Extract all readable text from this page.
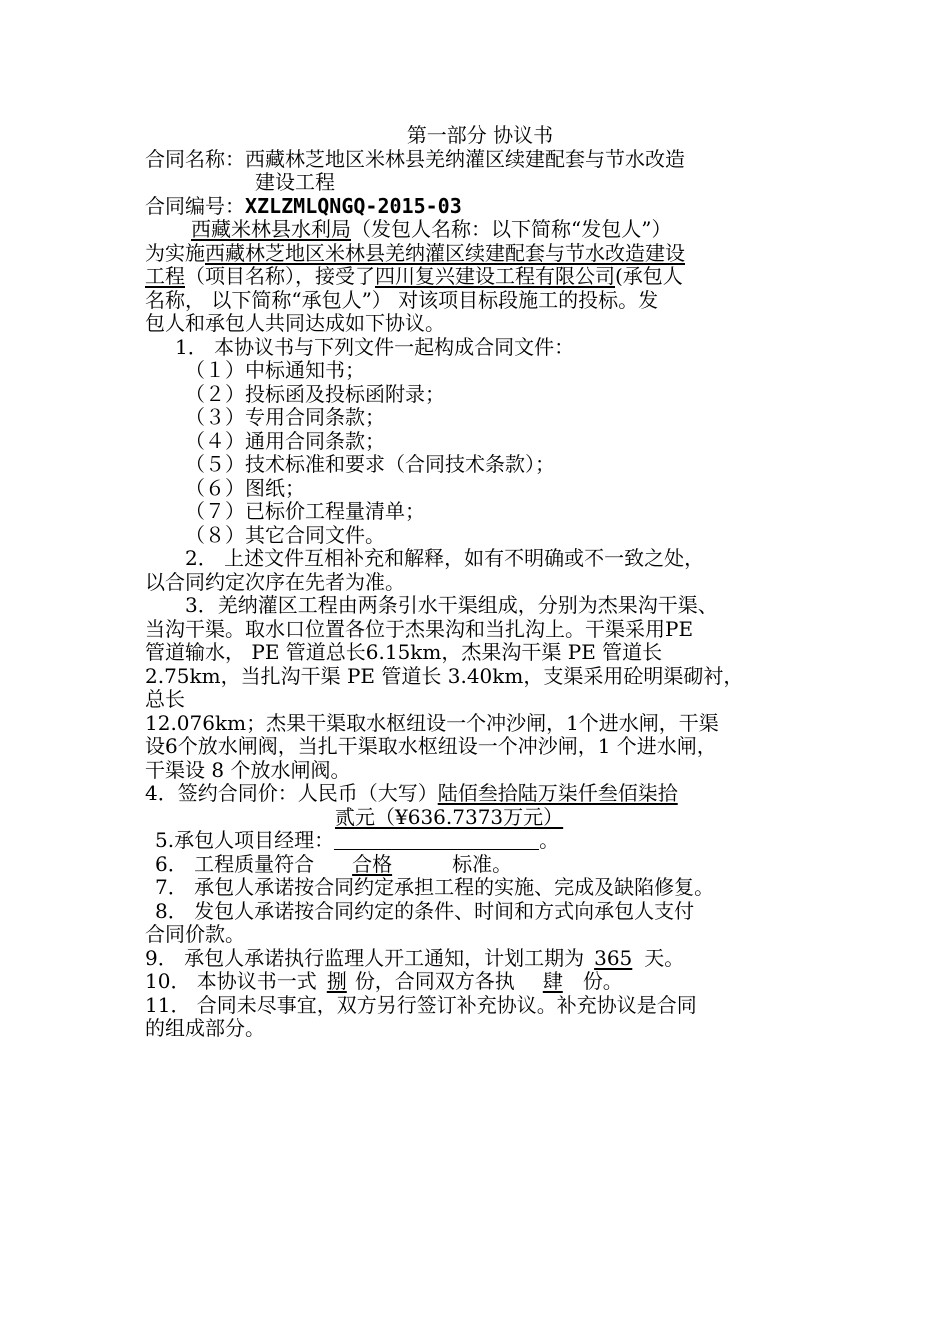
第一部分 协议书
合同名称：西藏林芝地区米林县羌纳灌区续建配套与节水改造
建设工程
合同编号：XZLZMLQNGQ-2015-03
西藏米林县水利局（发包人名称：以下简称“发包人”）
为实施西藏林芝地区米林县羌纳灌区续建配套与节水改造建设
工程（项目名称），接受了四川复兴建设工程有限公司(承包人
名称， 以下简称“承包人”） 对该项目标段施工的投标。发
包人和承包人共同达成如下协议。
1． 本协议书与下列文件一起构成合同文件：
（１）中标通知书；
（２）投标函及投标函附录；
（３）专用合同条款；
（４）通用合同条款；
（５）技术标准和要求（合同技术条款）；
（６）图纸；
（７）已标价工程量清单；
（８）其它合同文件。
2． 上述文件互相补充和解释，如有不明确或不一致之处，
以合同约定次序在先者为准。
3．羌纳灌区工程由两条引水干渠组成，分别为杰果沟干渠、
当沟干渠。取水口位置各位于杰果沟和当扎沟上。干渠采用PE
管道输水， PE 管道总长6.15km，杰果沟干渠 PE 管道长
2.75km，当扎沟干渠 PE 管道长 3.40km，支渠采用砼明渠砌衬，
总长
12.076km；杰果干渠取水枢纽设一个冲沙闸，1个进水闸，干渠
设6个放水闸阀，当扎干渠取水枢纽设一个冲沙闸，1 个进水闸，
干渠设 8 个放水闸阀。
4．签约合同价：人民币（大写）陆佰叁拾陆万柒仟叁佰柒拾
贰元（¥636.7373万元）
5.承包人项目经理：	。
6． 工程质量符合 合格	标准。
7． 承包人承诺按合同约定承担工程的实施、完成及缺陷修复。
8． 发包人承诺按合同约定的条件、时间和方式向承包人支付
合同价款。
9． 承包人承诺执行监理人开工通知，计划工期为 365 天。
10． 本协议书一式 捌 份，合同双方各执 肆 份。
11． 合同未尽事宜，双方另行签订补充协议。补充协议是合同
的组成部分。
